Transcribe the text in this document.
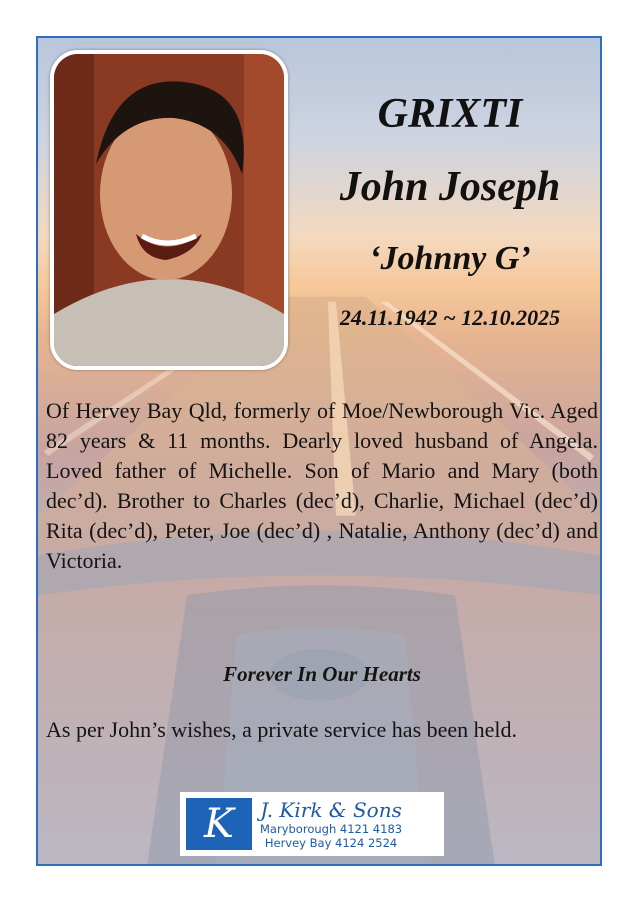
GRIXTI
John Joseph
‘Johnny G’
24.11.1942 ~ 12.10.2025
Of Hervey Bay Qld, formerly of Moe/Newborough Vic. Aged 82 years & 11 months. Dearly loved husband of Angela. Loved father of Michelle. Son of Mario and Mary (both dec’d). Brother to Charles (dec’d), Charlie, Michael (dec’d) Rita (dec’d), Peter, Joe (dec’d) , Natalie, Anthony (dec’d) and Victoria.
Forever In Our Hearts
As per John’s wishes, a private service has been held.
K J. Kirk & Sons
Maryborough 4121 4183
Hervey Bay 4124 2524
